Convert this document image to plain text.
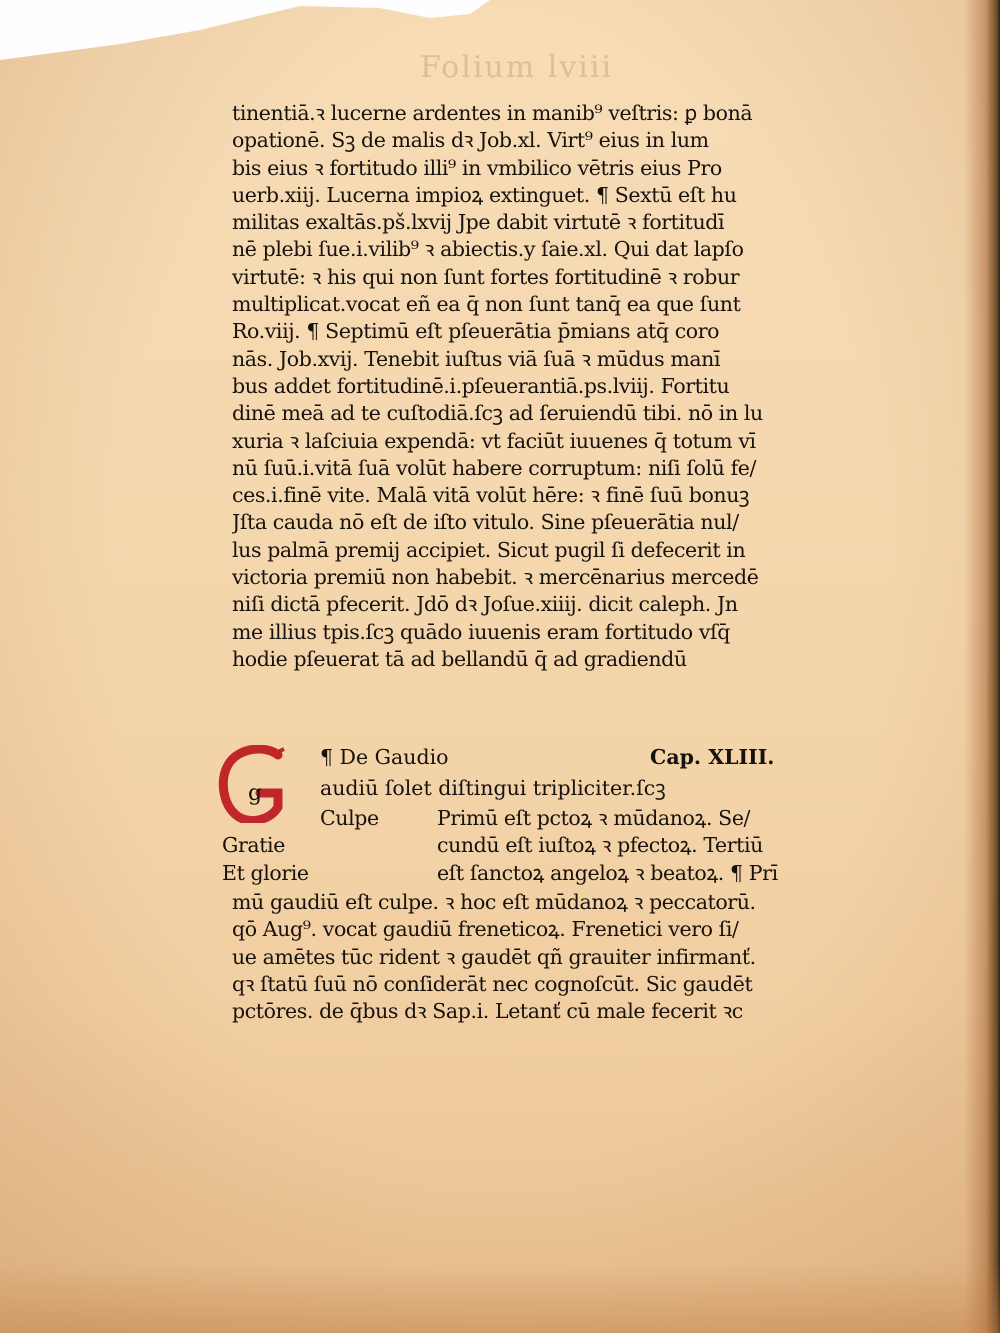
Folium lviii
tinentiā.ꝛ lucerne ardentes in manib⁹ veſtris: ꝑ bonā
opationē. Sꝫ de malis dꝛ Job.xl. Virt⁹ eius in lum
bis eius ꝛ fortitudo illi⁹ in vmbilico vētris eius Pro
uerb.xiij. Lucerna impioꝝ extinguet. ¶ Sextū eſt hu
militas exaltās.pš.lxvij Jpe dabit virtutē ꝛ fortitudī
nē plebi ſue.i.vilib⁹ ꝛ abiectis.y ſaie.xl. Qui dat lapſo
virtutē: ꝛ his qui non ſunt fortes fortitudinē ꝛ robur
multiplicat.vocat eñ ea q̄ non ſunt tanq̄ ea que ſunt
Ro.viij. ¶ Septimū eſt pſeuerātia p̄mians atq̄ coro
nās. Job.xvij. Tenebit iuſtus viā ſuā ꝛ mūdus manī
bus addet fortitudinē.i.pſeuerantiā.ps.lviij. Fortitu
dinē meā ad te cuſtodiā.ſcꝫ ad ſeruiendū tibi. nō in lu
xuria ꝛ laſciuia expendā: vt faciūt iuuenes q̄ totum vī
nū ſuū.i.vitā ſuā volūt habere corruptum: niſi ſolū fe/
ces.i.finē vite. Malā vitā volūt hēre: ꝛ finē ſuū bonuꝫ
Jſta cauda nō eſt de iſto vitulo. Sine pſeuerātia nul/
lus palmā premij accipiet. Sicut pugil ſi defecerit in
victoria premiū non habebit. ꝛ mercēnarius mercedē
niſi dictā pfecerit. Jdō dꝛ Joſue.xiiij. dicit caleph. Jn
me illius tpis.ſcꝫ quādo iuuenis eram fortitudo vſq̄
hodie pſeuerat tā ad bellandū q̄ ad gradiendū
g
¶ De Gaudio	Cap. XLIII.
audiū ſolet diſtingui tripliciter.ſcꝫ
Culpe	Primū eſt pctoꝝ ꝛ mūdanoꝝ. Se/
Gratie	cundū eſt iuſtoꝝ ꝛ pfectoꝝ. Tertiū
Et glorie	eſt ſanctoꝝ angeloꝝ ꝛ beatoꝝ. ¶ Prī
mū gaudiū eſt culpe. ꝛ hoc eſt mūdanoꝝ ꝛ peccatorū.
qō Aug⁹. vocat gaudiū freneticoꝝ. Frenetici vero ſi/
ue amētes tūc rident ꝛ gaudēt qñ grauiter infirmanť.
qꝛ ſtatū ſuū nō conſiderāt nec cognoſcūt. Sic gaudēt
pctōres. de q̄bus dꝛ Sap.i. Letanť cū male fecerit ꝛc
